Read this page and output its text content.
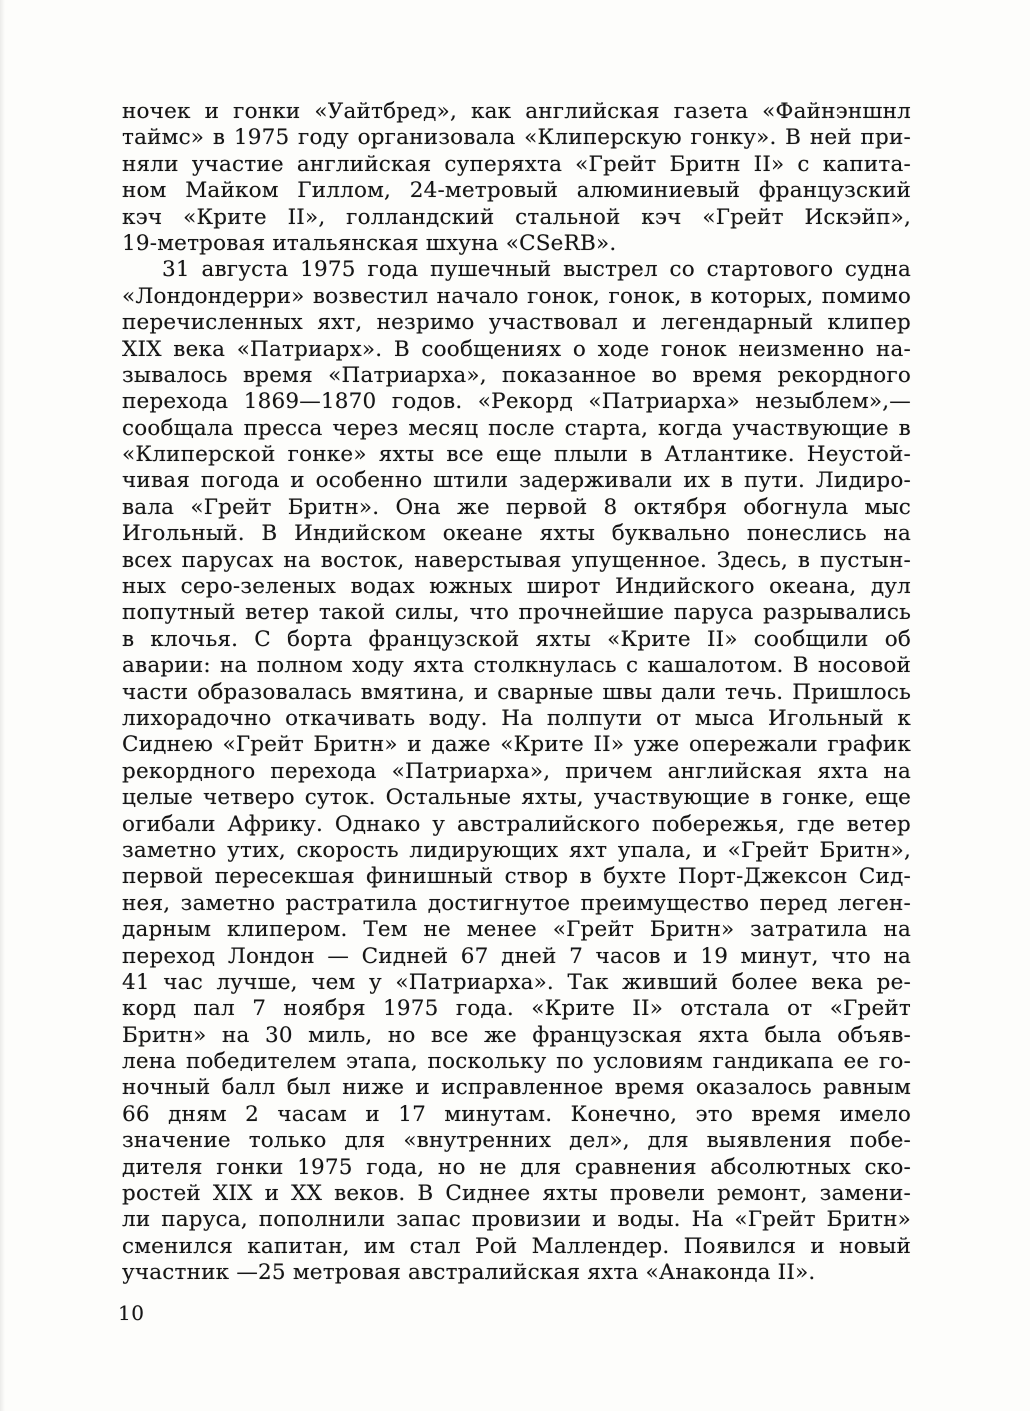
ночек и гонки «Уайтбред», как английская газета «Файнэншнл
таймс» в 1975 году организовала «Клиперскую гонку». В ней при-
няли участие английская суперяхта «Грейт Бритн II» с капита-
ном Майком Гиллом, 24-метровый алюминиевый французский
кэч «Крите II», голландский стальной кэч «Грейт Искэйп»,
19-метровая итальянская шхуна «CSeRB».
31 августа 1975 года пушечный выстрел со стартового судна
«Лондондерри» возвестил начало гонок, гонок, в которых, помимо
перечисленных яхт, незримо участвовал и легендарный клипер
XIX века «Патриарх». В сообщениях о ходе гонок неизменно на-
зывалось время «Патриарха», показанное во время рекордного
перехода 1869—1870 годов. «Рекорд «Патриарха» незыблем»,—
сообщала пресса через месяц после старта, когда участвующие в
«Клиперской гонке» яхты все еще плыли в Атлантике. Неустой-
чивая погода и особенно штили задерживали их в пути. Лидиро-
вала «Грейт Бритн». Она же первой 8 октября обогнула мыс
Игольный. В Индийском океане яхты буквально понеслись на
всех парусах на восток, наверстывая упущенное. Здесь, в пустын-
ных серо-зеленых водах южных широт Индийского океана, дул
попутный ветер такой силы, что прочнейшие паруса разрывались
в клочья. С борта французской яхты «Крите II» сообщили об
аварии: на полном ходу яхта столкнулась с кашалотом. В носовой
части образовалась вмятина, и сварные швы дали течь. Пришлось
лихорадочно откачивать воду. На полпути от мыса Игольный к
Сиднею «Грейт Бритн» и даже «Крите II» уже опережали график
рекордного перехода «Патриарха», причем английская яхта на
целые четверо суток. Остальные яхты, участвующие в гонке, еще
огибали Африку. Однако у австралийского побережья, где ветер
заметно утих, скорость лидирующих яхт упала, и «Грейт Бритн»,
первой пересекшая финишный створ в бухте Порт-Джексон Сид-
нея, заметно растратила достигнутое преимущество перед леген-
дарным клипером. Тем не менее «Грейт Бритн» затратила на
переход Лондон — Сидней 67 дней 7 часов и 19 минут, что на
41 час лучше, чем у «Патриарха». Так живший более века ре-
корд пал 7 ноября 1975 года. «Крите II» отстала от «Грейт
Бритн» на 30 миль, но все же французская яхта была объяв-
лена победителем этапа, поскольку по условиям гандикапа ее го-
ночный балл был ниже и исправленное время оказалось равным
66 дням 2 часам и 17 минутам. Конечно, это время имело
значение только для «внутренних дел», для выявления побе-
дителя гонки 1975 года, но не для сравнения абсолютных ско-
ростей XIX и XX веков. В Сиднее яхты провели ремонт, замени-
ли паруса, пополнили запас провизии и воды. На «Грейт Бритн»
сменился капитан, им стал Рой Маллендер. Появился и новый
участник —25 метровая австралийская яхта «Анаконда II».
10
